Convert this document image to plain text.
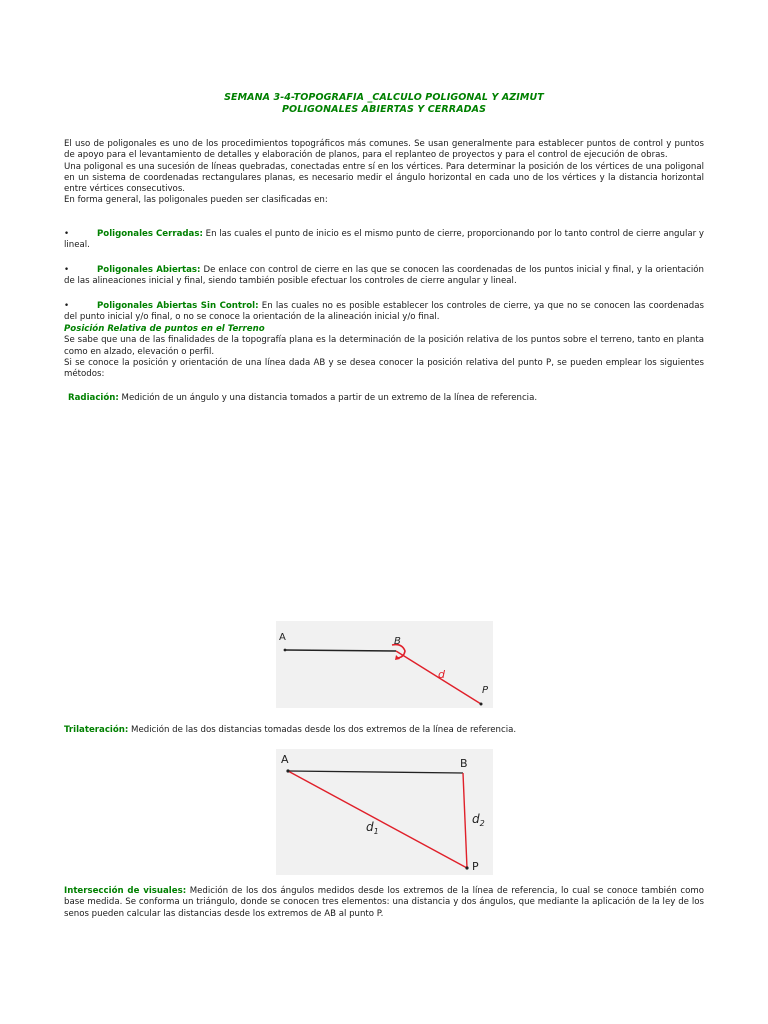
SEMANA 3-4-TOPOGRAFIA _CALCULO POLIGONAL Y AZIMUT
POLIGONALES ABIERTAS Y CERRADAS

El uso de poligonales es uno de los procedimientos topográficos más comunes. Se usan generalmente para establecer puntos de control y puntos de apoyo para el levantamiento de detalles y elaboración de planos, para el replanteo de proyectos y para el control de ejecución de obras.

Una poligonal es una sucesión de líneas quebradas, conectadas entre sí en los vértices. Para determinar la posición de los vértices de una poligonal en un sistema de coordenadas rectangulares planas, es necesario medir el ángulo horizontal en cada uno de los vértices y la distancia horizontal entre vértices consecutivos.

En forma general, las poligonales pueden ser clasificadas en:

•	Poligonales Cerradas: En las cuales el punto de inicio es el mismo punto de cierre, proporcionando por lo tanto control de cierre angular y lineal.
•	Poligonales Abiertas: De enlace con control de cierre en las que se conocen las coordenadas de los puntos inicial y final, y la orientación de las alineaciones inicial y final, siendo también posible efectuar los controles de cierre angular y lineal.
•	Poligonales Abiertas Sin Control: En las cuales no es posible establecer los controles de cierre, ya que no se conocen las coordenadas del punto inicial y/o final, o no se conoce la orientación de la alineación inicial y/o final.

Posición Relativa de puntos en el Terreno

Se sabe que una de las finalidades de la topografía plana es la determinación de la posición relativa de los puntos sobre el terreno, tanto en planta como en alzado, elevación o perfil.

Si se conoce la posición y orientación de una línea dada AB y se desea conocer la posición relativa del punto P, se pueden emplear los siguientes métodos:

Radiación: Medición de un ángulo y una distancia tomados a partir de un extremo de la línea de referencia.
A	B
d
P
Trilateración: Medición de las dos distancias tomadas desde los dos extremos de la línea de referencia.
A	B
$d_1$
$d_2$
P
Intersección de visuales: Medición de los dos ángulos medidos desde los extremos de la línea de referencia, lo cual se conoce también como base medida. Se conforma un triángulo, donde se conocen tres elementos: una distancia y dos ángulos, que mediante la aplicación de la ley de los senos pueden calcular las distancias desde los extremos de AB al punto P.
